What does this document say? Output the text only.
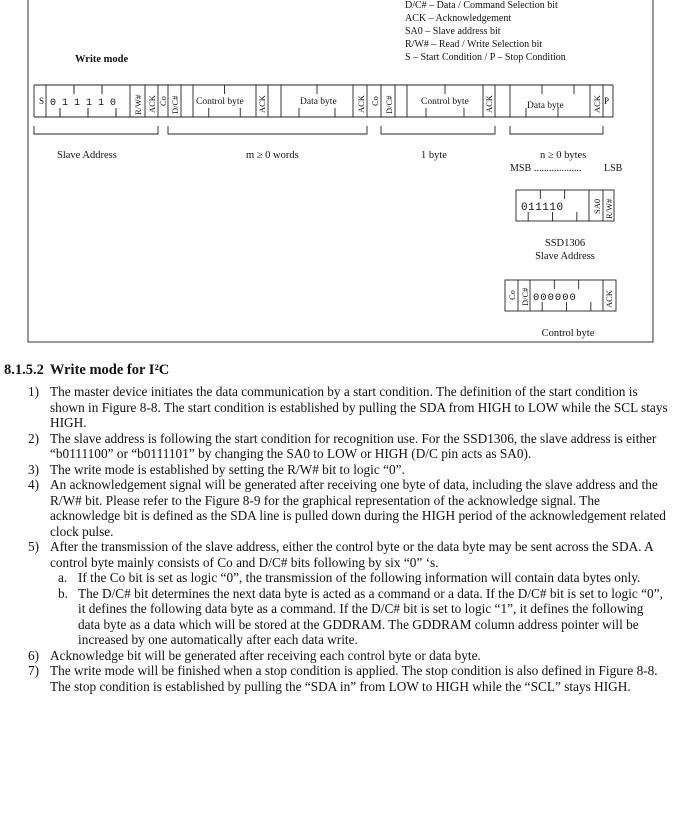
D/C# – Data / Command Selection bit
ACK – Acknowledgement
SA0 – Slave address bit
R/W# – Read / Write Selection bit
S – Start Condition / P – Stop Condition
Write mode
S 0 1 1 1 1 0 R/W# ACK Co D/C# Control byte ACK	Data byte ACK Co D/C#	Control byte ACK	Data byte	ACK P
Slave Address	m ≥ 0 words	1 byte	n ≥ 0 bytes
MSB ................... LSB
011110	SA0 R/W#
SSD1306
Slave Address
Co D/C# 000000	ACK
Control byte
8.1.5.2 Write mode for I²C
1) The master device initiates the data communication by a start condition. The definition of the start condition is shown in Figure 8-8. The start condition is established by pulling the SDA from HIGH to LOW while the SCL stays HIGH.
2) The slave address is following the start condition for recognition use. For the SSD1306, the slave address is either “b0111100” or “b0111101” by changing the SA0 to LOW or HIGH (D/C pin acts as SA0).
3) The write mode is established by setting the R/W# bit to logic “0”.
4) An acknowledgement signal will be generated after receiving one byte of data, including the slave address and the R/W# bit. Please refer to the Figure 8-9 for the graphical representation of the acknowledge signal. The acknowledge bit is defined as the SDA line is pulled down during the HIGH period of the acknowledgement related clock pulse.
5) After the transmission of the slave address, either the control byte or the data byte may be sent across the SDA. A control byte mainly consists of Co and D/C# bits following by six “0” ‘s.
a. If the Co bit is set as logic “0”, the transmission of the following information will contain data bytes only.
b. The D/C# bit determines the next data byte is acted as a command or a data. If the D/C# bit is set to logic “0”, it defines the following data byte as a command. If the D/C# bit is set to logic “1”, it defines the following data byte as a data which will be stored at the GDDRAM. The GDDRAM column address pointer will be increased by one automatically after each data write.
6) Acknowledge bit will be generated after receiving each control byte or data byte.
7) The write mode will be finished when a stop condition is applied. The stop condition is also defined in Figure 8-8. The stop condition is established by pulling the “SDA in” from LOW to HIGH while the “SCL” stays HIGH.
